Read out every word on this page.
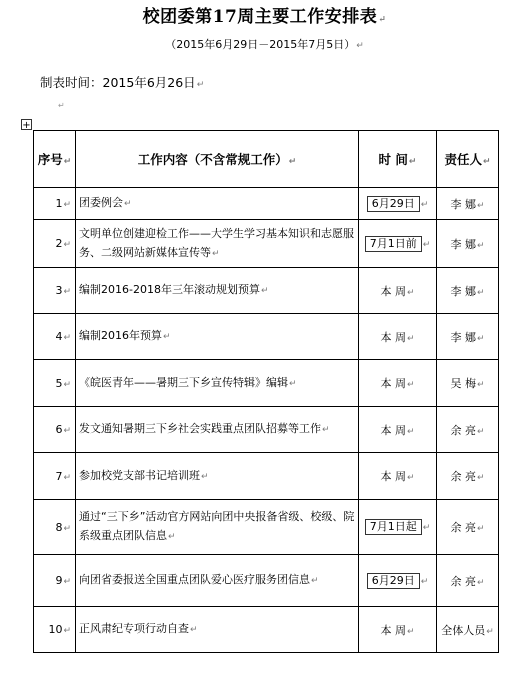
校团委第17周主要工作安排表↵
（2015年6月29日－2015年7月5日）↵
制表时间：2015年6月26日↵
↵
+
序号↵	工作内容（不含常规工作）↵	时 间↵	责任人↵
1↵	团委例会↵	6月29日 ↵	李 娜↵
2↵	文明单位创建迎检工作——大学生学习基本知识和志愿服务、二级网站新媒体宣传等↵	7月1日前 ↵	李 娜↵
3↵	编制2016-2018年三年滚动规划预算↵	本 周↵	李 娜↵
4↵	编制2016年预算↵	本 周↵	李 娜↵
5↵	《皖医青年——暑期三下乡宣传特辑》编辑↵	本 周↵	吴 梅↵
6↵	发文通知暑期三下乡社会实践重点团队招募等工作↵	本 周↵	余 亮↵
7↵	参加校党支部书记培训班↵	本 周↵	余 亮↵
8↵	通过“三下乡”活动官方网站向团中央报备省级、校级、院系级重点团队信息↵	7月1日起 ↵	余 亮↵
9↵	向团省委报送全国重点团队爱心医疗服务团信息↵	6月29日 ↵	余 亮↵
10↵	正风肃纪专项行动自查↵	本 周↵	全体人员↵
